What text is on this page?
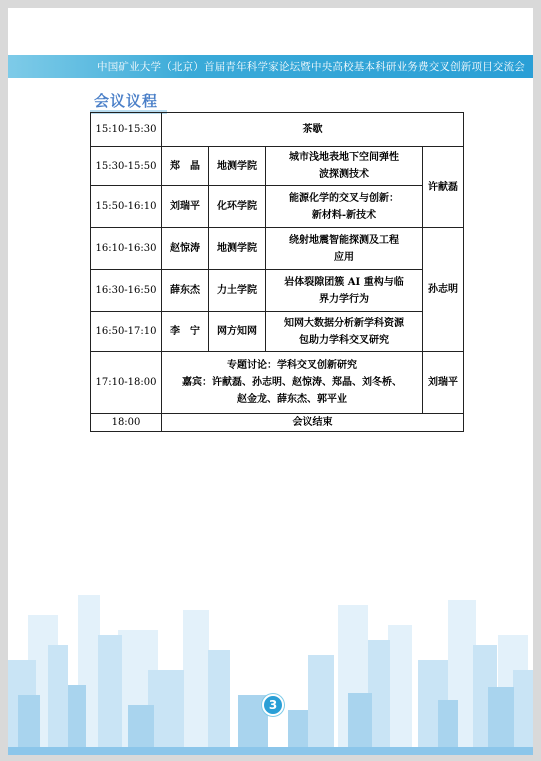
中国矿业大学（北京）首届青年科学家论坛暨中央高校基本科研业务费交叉创新项目交流会
会议议程
15:10-15:30	茶歇			
15:30-15:50	郑　晶	地测学院	城市浅地表地下空间弹性
波探测技术	许献磊
15:50-16:10	刘瑞平	化环学院	能源化学的交叉与创新：
新材料-新技术	

16:10-16:30	赵惊涛	地测学院	绕射地震智能探测及工程
应用	孙志明
16:30-16:50	薛东杰	力土学院	岩体裂隙团簇 AI 重构与临
界力学行为	

16:50-17:10	李　宁	网方知网	知网大数据分析新学科资源
包助力学科交叉研究	

17:10-18:00	专题讨论：学科交叉创新研究
嘉宾：许献磊、孙志明、赵惊涛、郑晶、刘冬桥、
赵金龙、薛东杰、郭平业			刘瑞平
18:00	会议结束			
3
